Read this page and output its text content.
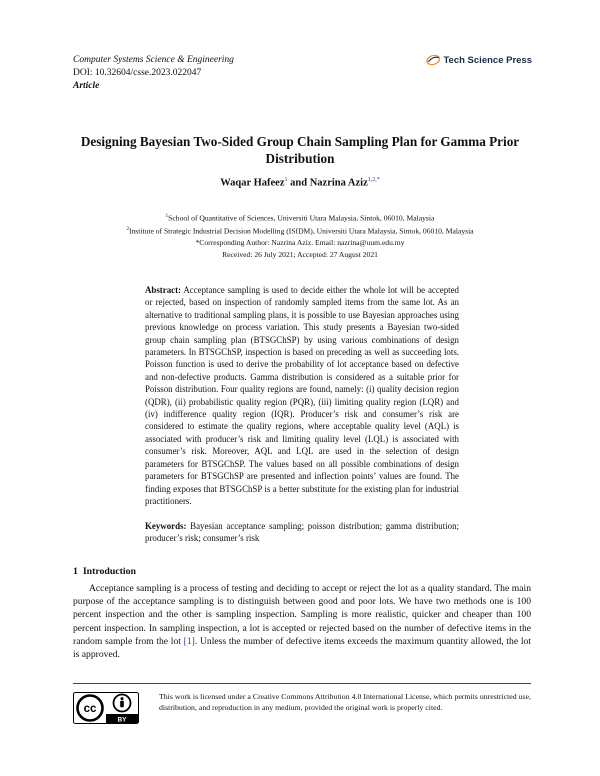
Computer Systems Science & Engineering
DOI: 10.32604/csse.2023.022047
Article
Tech Science Press
Designing Bayesian Two-Sided Group Chain Sampling Plan for Gamma Prior Distribution
Waqar Hafeez$^1$ and Nazrina Aziz$^{1,2,*}$
$^1$School of Quantitative of Sciences, Universiti Utara Malaysia, Sintok, 06010, Malaysia
$^2$Institute of Strategic Industrial Decision Modelling (ISIDM), Universiti Utara Malaysia, Sintok, 06010, Malaysia
*Corresponding Author: Nazrina Aziz. Email: nazrina@uum.edu.my
Received: 26 July 2021; Accepted: 27 August 2021
Abstract: Acceptance sampling is used to decide either the whole lot will be accepted or rejected, based on inspection of randomly sampled items from the same lot. As an alternative to traditional sampling plans, it is possible to use Bayesian approaches using previous knowledge on process variation. This study presents a Bayesian two-sided group chain sampling plan (BTSGChSP) by using various combinations of design parameters. In BTSGChSP, inspection is based on preceding as well as succeeding lots. Poisson function is used to derive the probability of lot acceptance based on defective and non-defective products. Gamma distribution is considered as a suitable prior for Poisson distribution. Four quality regions are found, namely: (i) quality decision region (QDR), (ii) probabilistic quality region (PQR), (iii) limiting quality region (LQR) and (iv) indifference quality region (IQR). Producer’s risk and consumer’s risk are considered to estimate the quality regions, where acceptable quality level (AQL) is associated with producer’s risk and limiting quality level (LQL) is associated with consumer’s risk. Moreover, AQL and LQL are used in the selection of design parameters for BTSGChSP. The values based on all possible combinations of design parameters for BTSGChSP are presented and inflection points’ values are found. The finding exposes that BTSGChSP is a better substitute for the existing plan for industrial practitioners.
Keywords: Bayesian acceptance sampling; poisson distribution; gamma distribution; producer’s risk; consumer’s risk
1 Introduction
Acceptance sampling is a process of testing and deciding to accept or reject the lot as a quality standard. The main purpose of the acceptance sampling is to distinguish between good and poor lots. We have two methods one is 100 percent inspection and the other is sampling inspection. Sampling is more realistic, quicker and cheaper than 100 percent inspection. In sampling inspection, a lot is accepted or rejected based on the number of defective items in the random sample from the lot [1]. Unless the number of defective items exceeds the maximum quantity allowed, the lot is approved.
cc
BY
This work is licensed under a Creative Commons Attribution 4.0 International License, which permits unrestricted use, distribution, and reproduction in any medium, provided the original work is properly cited.
